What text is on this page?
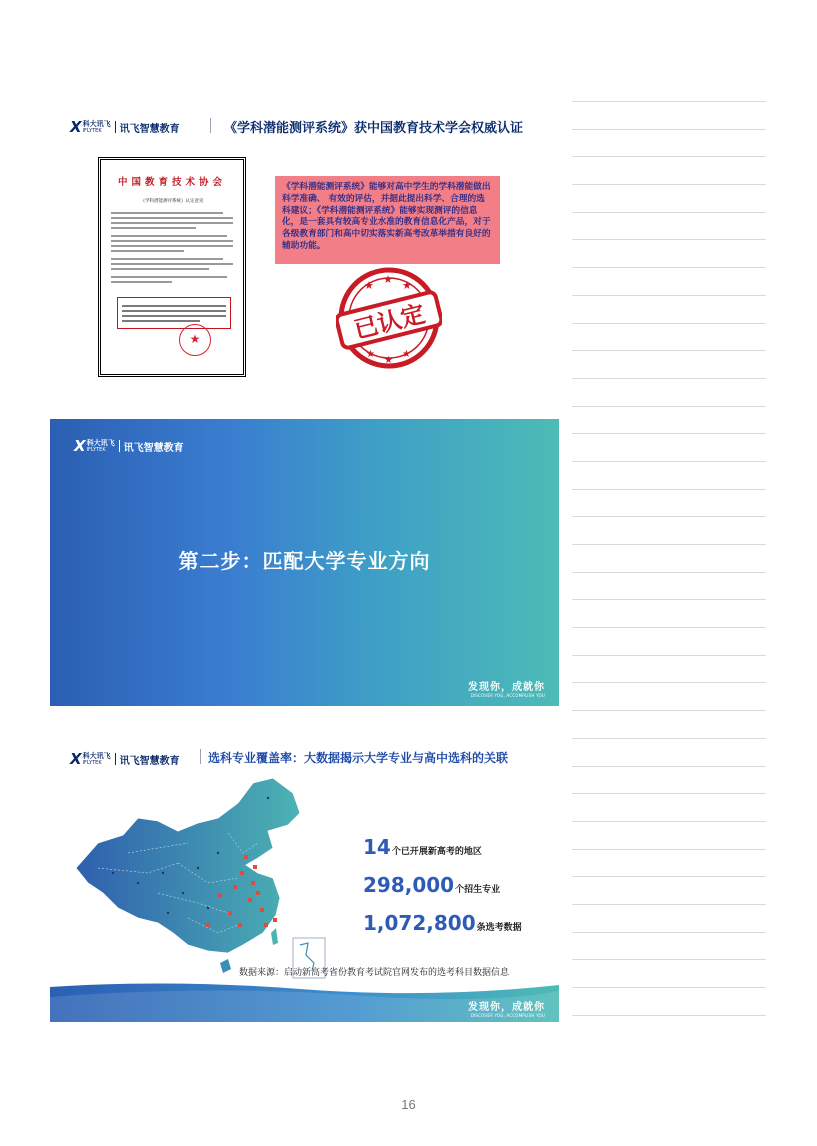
X 科大讯飞
IFLYTEK	讯飞智慧教育	《学科潜能测评系统》获中国教育技术学会权威认证
中国教育技术协会
《学科潜能测评系统》认定意见
★

《学科潜能测评系统》能够对高中学生的学科潜能做出科学准确、 有效的评估，并据此提出科学、合理的选科建议；《学科潜能测评系统》能够实现测评的信息化，是一套具有较高专业水准的教育信息化产品，对于各级教育部门和高中切实落实新高考改革举措有良好的辅助功能。

★ ★ ★
★
★
★
已认定
X 科大讯飞
IFLYTEK	讯飞智慧教育
第二步：匹配大学专业方向
发现你，成就你
DISCOVER YOU, ACCOMPLISH YOU
X 科大讯飞
IFLYTEK	讯飞智慧教育 选科专业覆盖率：大数据揭示大学专业与高中选科的关联
14个已开展新高考的地区
298,000个招生专业
1,072,800条选考数据
数据来源：启动新高考省份教育考试院官网发布的选考科目数据信息
发现你，成就你
DISCOVER YOU, ACCOMPLISH YOU
16
